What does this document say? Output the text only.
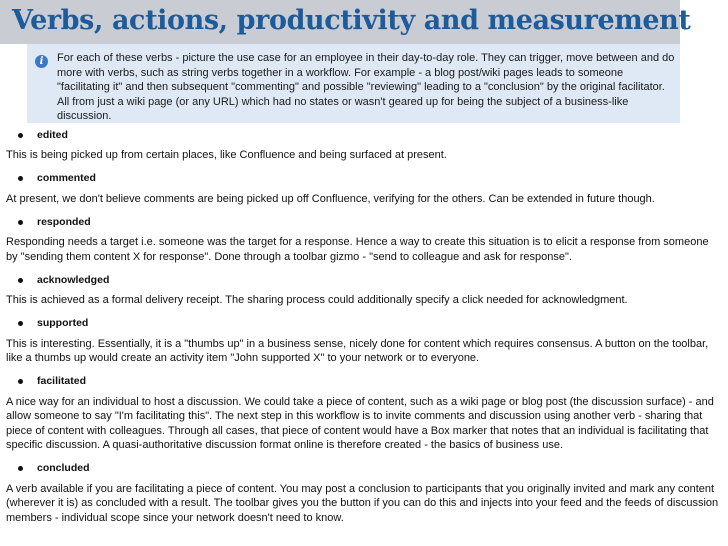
Verbs, actions, productivity and measurement
i	For each of these verbs - picture the use case for an employee in their day-to-day role. They can trigger, move between and do more with verbs, such as string verbs together in a workflow. For example - a blog post/wiki pages leads to someone "facilitating it" and then subsequent "commenting" and possible "reviewing" leading to a "conclusion" by the original facilitator. All from just a wiki page (or any URL) which had no states or wasn't geared up for being the subject of a business-like discussion.
edited
This is being picked up from certain places, like Confluence and being surfaced at present.
commented
At present, we don't believe comments are being picked up off Confluence, verifying for the others. Can be extended in future though.
responded
Responding needs a target i.e. someone was the target for a response. Hence a way to create this situation is to elicit a response from someone by "sending them content X for response". Done through a toolbar gizmo - "send to colleague and ask for response".
acknowledged
This is achieved as a formal delivery receipt. The sharing process could additionally specify a click needed for acknowledgment.
supported
This is interesting. Essentially, it is a "thumbs up" in a business sense, nicely done for content which requires consensus. A button on the toolbar, like a thumbs up would create an activity item "John supported X" to your network or to everyone.
facilitated
A nice way for an individual to host a discussion. We could take a piece of content, such as a wiki page or blog post (the discussion surface) - and allow someone to say "I'm facilitating this". The next step in this workflow is to invite comments and discussion using another verb - sharing that piece of content with colleagues. Through all cases, that piece of content would have a Box marker that notes that an individual is facilitating that specific discussion. A quasi-authoritative discussion format online is therefore created - the basics of business use.
concluded
A verb available if you are facilitating a piece of content. You may post a conclusion to participants that you originally invited and mark any content (wherever it is) as concluded with a result. The toolbar gives you the button if you can do this and injects into your feed and the feeds of discussion members - individual scope since your network doesn't need to know.
